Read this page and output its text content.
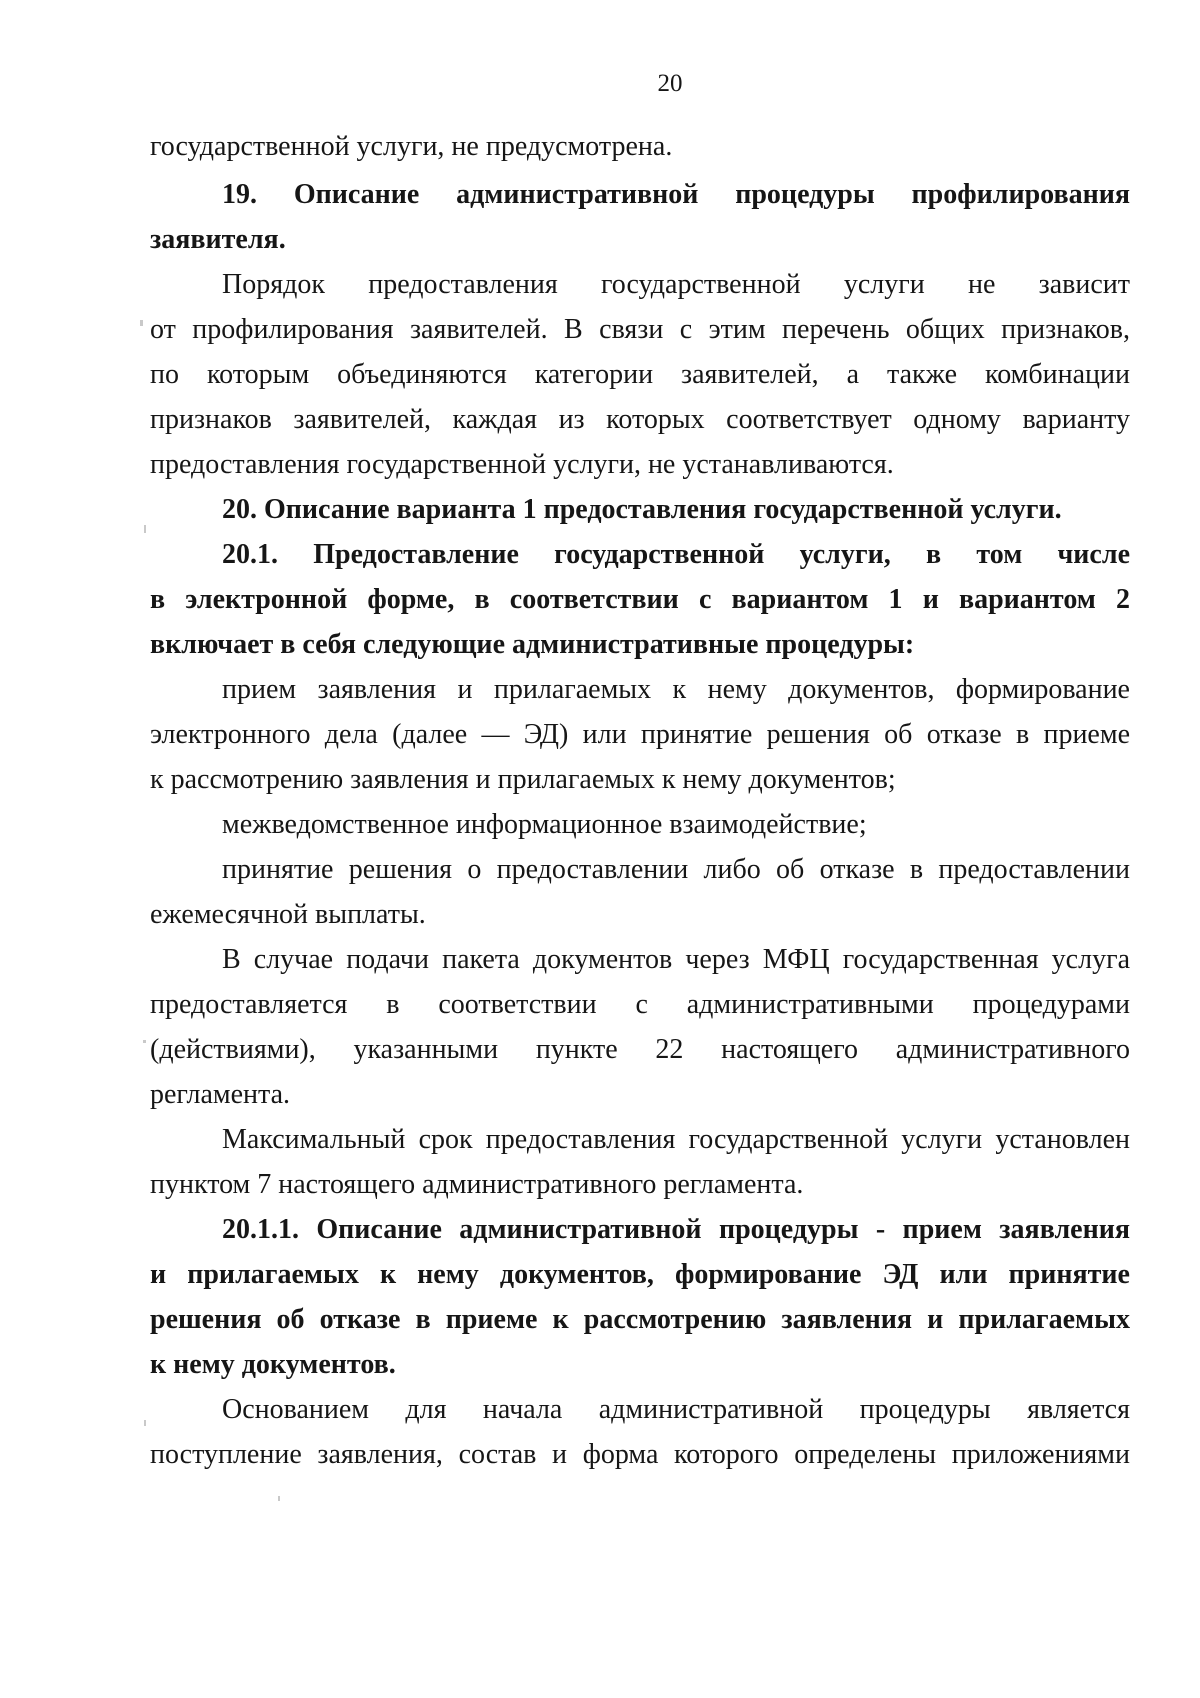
20
государственной услуги, не предусмотрена.
19. Описание административной процедуры профилирования
заявителя.
Порядок предоставления государственной услуги не зависит
от профилирования заявителей. В связи с этим перечень общих признаков,
по которым объединяются категории заявителей, а также комбинации
признаков заявителей, каждая из которых соответствует одному варианту
предоставления государственной услуги, не устанавливаются.
20. Описание варианта 1 предоставления государственной услуги.
20.1. Предоставление государственной услуги, в том числе
в электронной форме, в соответствии с вариантом 1 и вариантом 2
включает в себя следующие административные процедуры:
прием заявления и прилагаемых к нему документов, формирование
электронного дела (далее — ЭД) или принятие решения об отказе в приеме
к рассмотрению заявления и прилагаемых к нему документов;
межведомственное информационное взаимодействие;
принятие решения о предоставлении либо об отказе в предоставлении
ежемесячной выплаты.
В случае подачи пакета документов через МФЦ государственная услуга
предоставляется в соответствии с административными процедурами
(действиями), указанными пункте 22 настоящего административного
регламента.
Максимальный срок предоставления государственной услуги установлен
пунктом 7 настоящего административного регламента.
20.1.1. Описание административной процедуры - прием заявления
и прилагаемых к нему документов, формирование ЭД или принятие
решения об отказе в приеме к рассмотрению заявления и прилагаемых
к нему документов.
Основанием для начала административной процедуры является
поступление заявления, состав и форма которого определены приложениями
